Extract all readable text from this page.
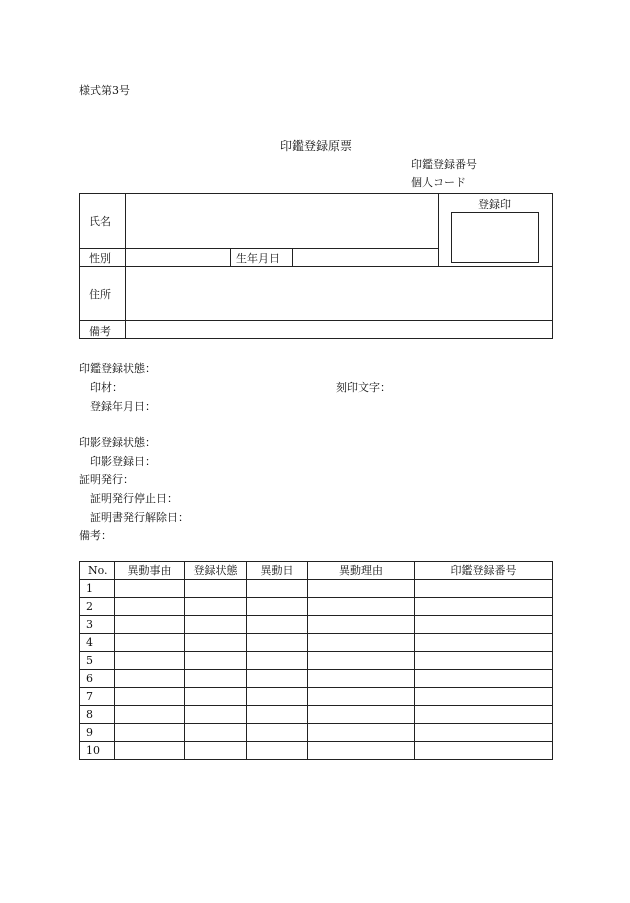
様式第3号
印鑑登録原票
印鑑登録番号
個人コード
氏名
登録印
性別	生年月日
住所
備考
印鑑登録状態：
印材：	刻印文字：
登録年月日：
印影登録状態：
印影登録日：
証明発行：
証明発行停止日：
証明書発行解除日：
備考：
No.	異動事由	登録状態	異動日	異動理由	印鑑登録番号
1					
2					
3					
4					
5					
6					
7					
8					
9					
10					
